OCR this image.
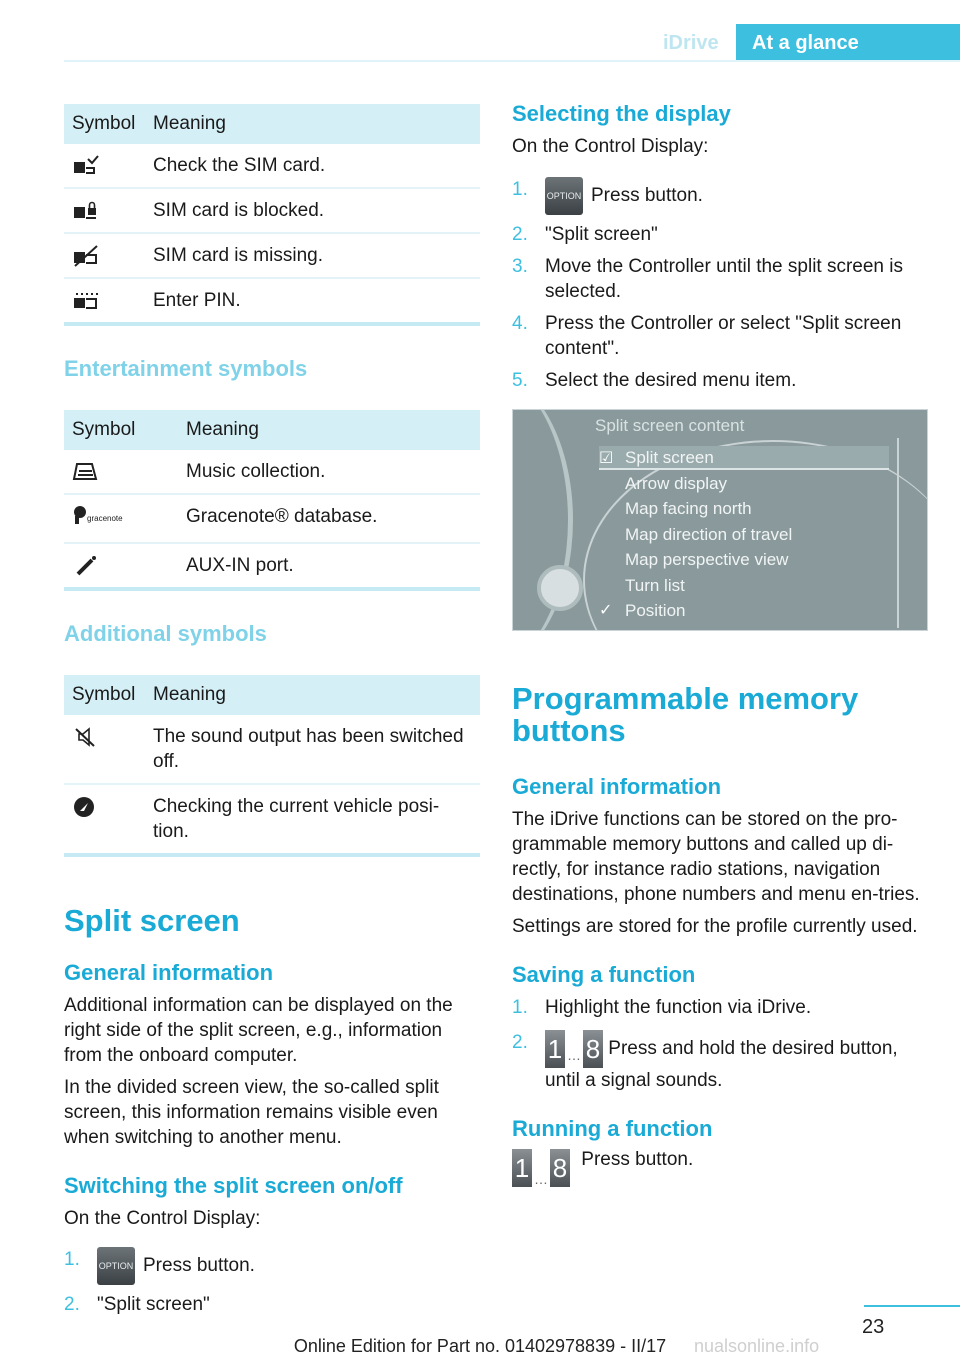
iDrive	At a glance
Symbol	Meaning
	Check the SIM card.
	SIM card is blocked.
	SIM card is missing.
	Enter PIN.
Entertainment symbols
Symbol	Meaning
	Music collection.

gracenote	Gracenote® database.
	AUX-IN port.
Additional symbols
Symbol	Meaning
	The sound output has been switched off.
	Checking the current vehicle posi-tion.
Split screen
General information

Additional information can be displayed on the right side of the split screen, e.g., information from the onboard computer.

In the divided screen view, the so-called split screen, this information remains visible even when switching to another menu.

Switching the split screen on/off

On the Control Display:

1. OPTION Press button.
2. "Split screen"
Selecting the display

On the Control Display:

1. OPTION Press button.
2. "Split screen"
3. Move the Controller until the split screen is selected.
4. Press the Controller or select "Split screen content".
5. Select the desired menu item.
Split screen content
☑
✓
Split screen
Arrow display
Map facing north
Map direction of travel
Map perspective view
Turn list
Position
Programmable memory buttons
General information

The iDrive functions can be stored on the pro-grammable memory buttons and called up di-rectly, for instance radio stations, navigation destinations, phone numbers and menu en-tries.

Settings are stored for the profile currently used.

Saving a function
1. Highlight the function via iDrive.
2. 1 … 8 Press and hold the desired button, until a signal sounds.
Running a function
1 … 8 Press button.
23
Online Edition for Part no. 01402978839 - II/17	nualsonline.info
